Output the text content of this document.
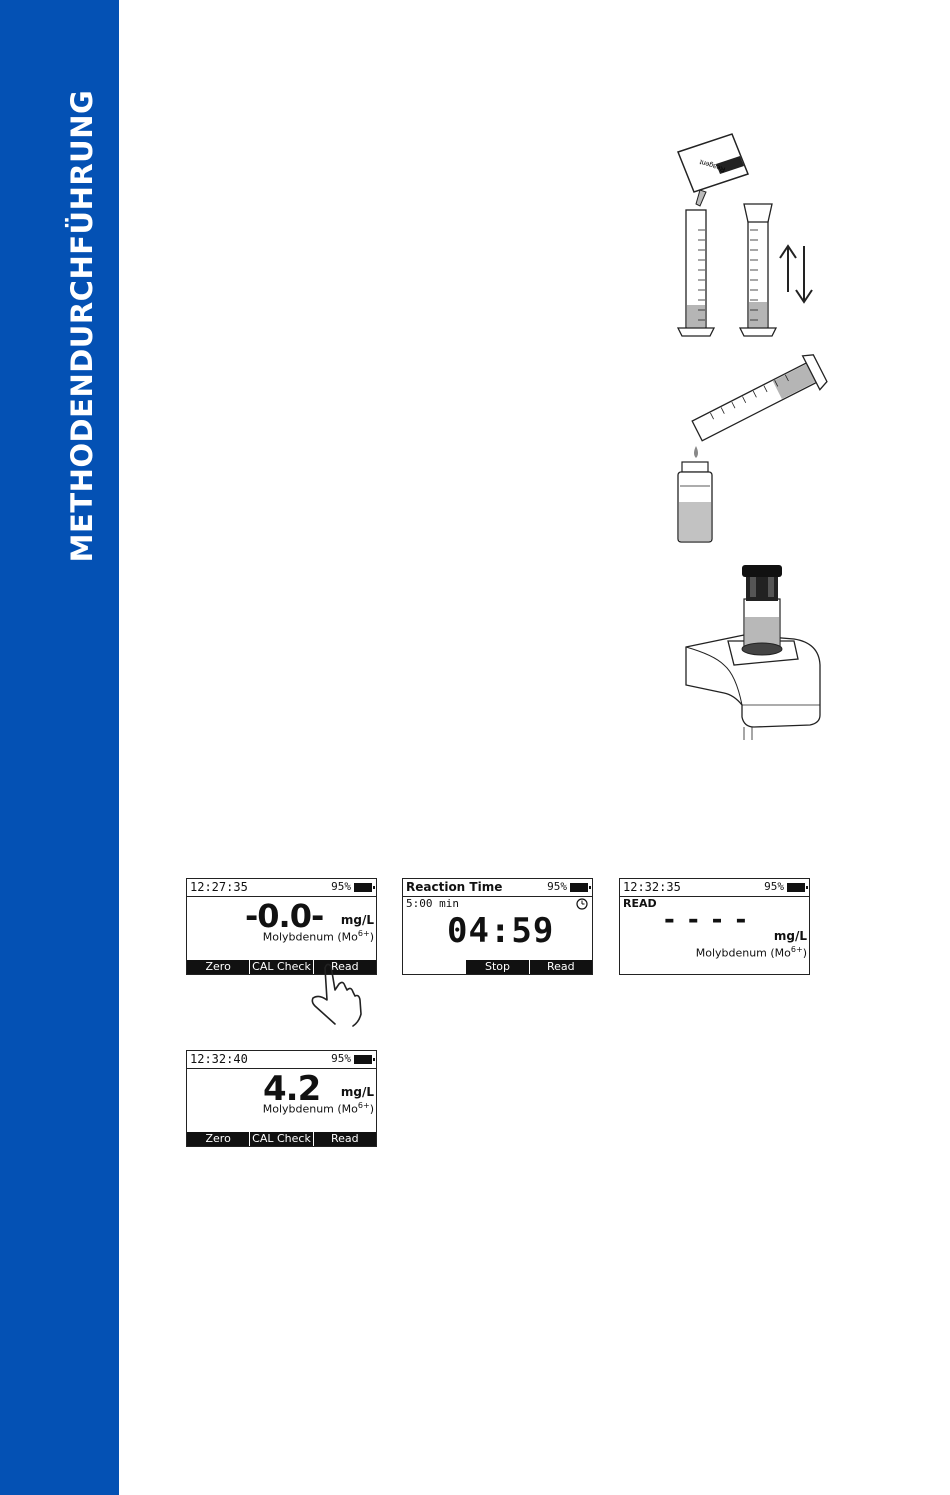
METHODENDURCHFÜHRUNG	Reagent
12:27:35	95%
-0.0- mg/L
Molybdenum $(Mo^{6+})$
Zero	CAL Check	Read
Reaction Time	95%
5:00 min
04:59
Stop	Read
12:32:35	95%
READ
- - - -
mg/L
Molybdenum $(Mo^{6+})$
12:32:40	95%
4.2 mg/L
Molybdenum $(Mo^{6+})$
Zero	CAL Check	Read
